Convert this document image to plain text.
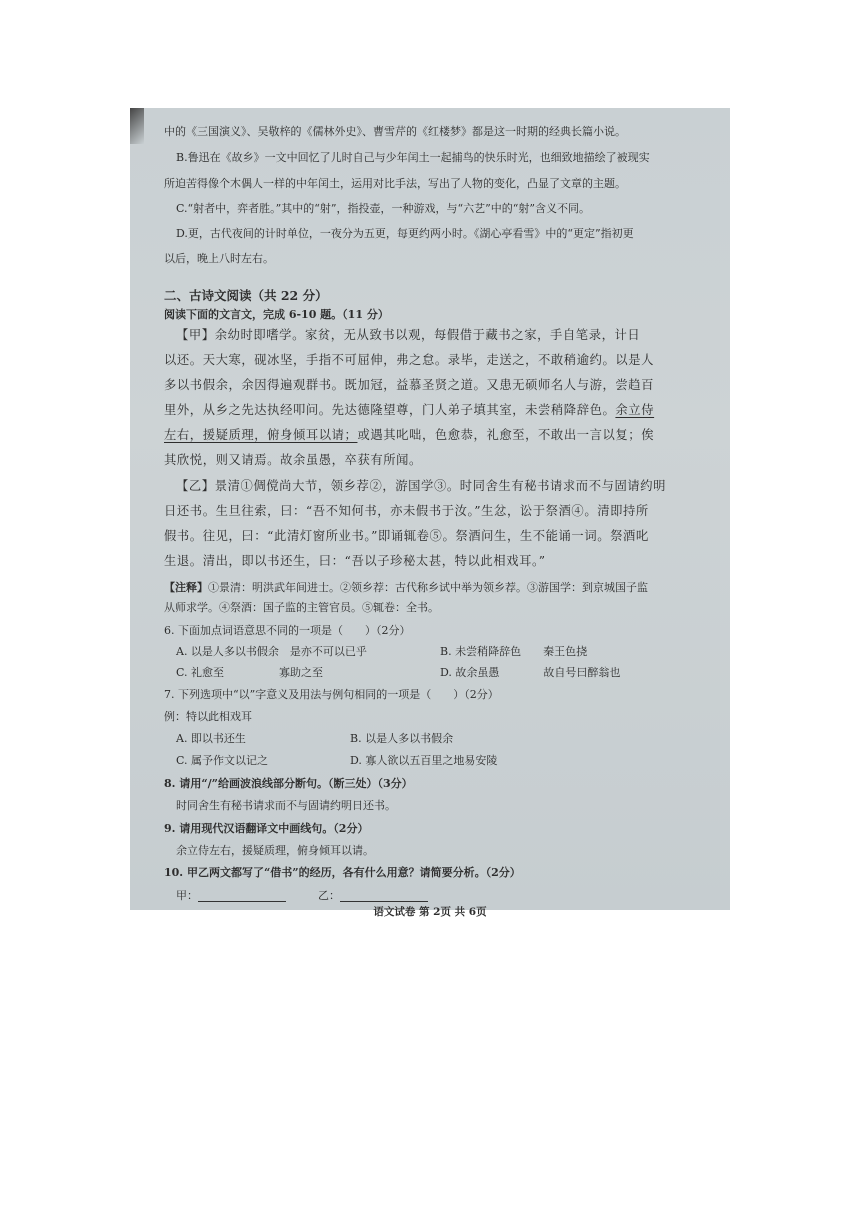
中的《三国演义》、吴敬梓的《儒林外史》、曹雪芹的《红楼梦》都是这一时期的经典长篇小说。
B.鲁迅在《故乡》一文中回忆了儿时自己与少年闰土一起捕鸟的快乐时光，也细致地描绘了被现实
所迫苦得像个木偶人一样的中年闰土，运用对比手法，写出了人物的变化，凸显了文章的主题。
C.“射者中，弈者胜。”其中的“射”，指投壶，一种游戏，与“六艺”中的“射”含义不同。
D.更，古代夜间的计时单位，一夜分为五更，每更约两小时。《湖心亭看雪》中的“更定”指初更
以后，晚上八时左右。
二、古诗文阅读（共 22 分）
阅读下面的文言文，完成 6-10 题。（11 分）
【甲】余幼时即嗜学。家贫，无从致书以观，每假借于藏书之家，手自笔录，计日
以还。天大寒，砚冰坚，手指不可屈伸，弗之怠。录毕，走送之，不敢稍逾约。以是人
多以书假余，余因得遍观群书。既加冠，益慕圣贤之道。又患无硕师名人与游，尝趋百
里外，从乡之先达执经叩问。先达德隆望尊，门人弟子填其室，未尝稍降辞色。余立侍
左右，援疑质理，俯身倾耳以请；或遇其叱咄，色愈恭，礼愈至，不敢出一言以复；俟
其欣悦，则又请焉。故余虽愚，卒获有所闻。
【乙】景清①倜傥尚大节，领乡荐②，游国学③。时同舍生有秘书请求而不与固请约明
日还书。生旦往索，曰：“吾不知何书，亦未假书于汝。”生忿，讼于祭酒④。清即持所
假书。往见，曰：“此清灯窗所业书。”即诵辄卷⑤。祭酒问生，生不能诵一词。祭酒叱
生退。清出，即以书还生，曰：“吾以子珍秘太甚，特以此相戏耳。”
【注释】①景清：明洪武年间进士。②领乡荐：古代称乡试中举为领乡荐。③游国学：到京城国子监
从师求学。④祭酒：国子监的主管官员。⑤辄卷：全书。
6. 下面加点词语意思不同的一项是（　　）（2分）
A. 以是人多以书假余　是亦不可以已乎	B. 未尝稍降辞色　　秦王色挠
C. 礼愈至　　　　　寡助之至	D. 故余虽愚　　　　故自号曰醉翁也
7. 下列选项中“以”字意义及用法与例句相同的一项是（　　）（2分）
例：特以此相戏耳
A. 即以书还生	B. 以是人多以书假余
C. 属予作文以记之	D. 寡人欲以五百里之地易安陵
8. 请用“/”给画波浪线部分断句。（断三处）（3分）
时同舍生有秘书请求而不与固请约明日还书。
9. 请用现代汉语翻译文中画线句。（2分）
余立侍左右，援疑质理，俯身倾耳以请。
10. 甲乙两文都写了“借书”的经历，各有什么用意？请简要分析。（2分）
甲：	乙：
语文试卷 第 2页 共 6页
